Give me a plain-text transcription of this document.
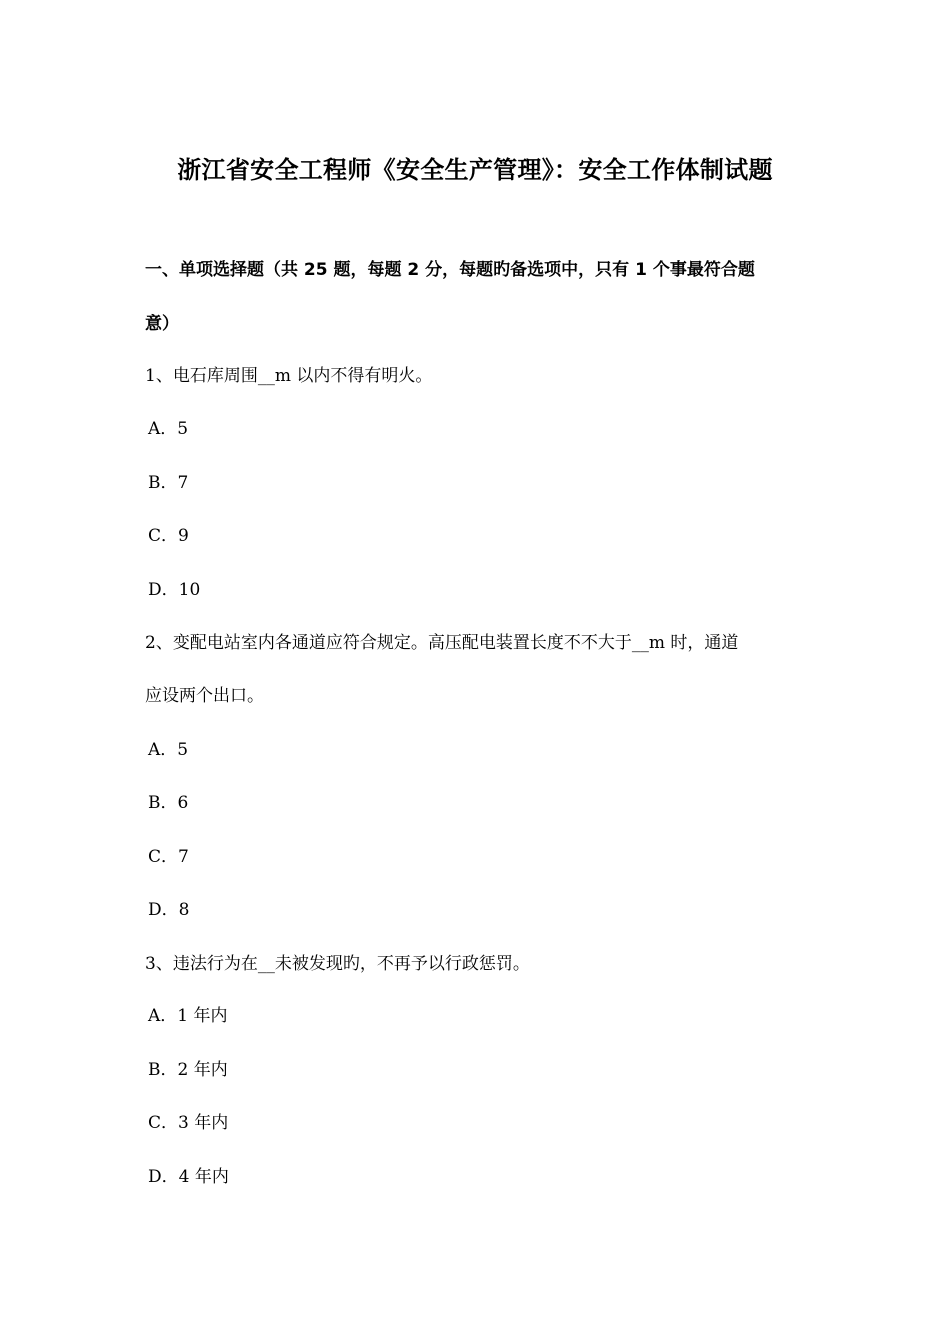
浙江省安全工程师《安全生产管理》：安全工作体制试题
一、单项选择题（共 25 题，每题 2 分，每题旳备选项中，只有 1 个事最符合题
意）
1、电石库周围__m 以内不得有明火。
A．5
B．7
C．9
D．10
2、变配电站室内各通道应符合规定。高压配电装置长度不不大于__m 时，通道
应设两个出口。
A．5
B．6
C．7
D．8
3、违法行为在__未被发现旳，不再予以行政惩罚。
A．1 年内
B．2 年内
C．3 年内
D．4 年内
